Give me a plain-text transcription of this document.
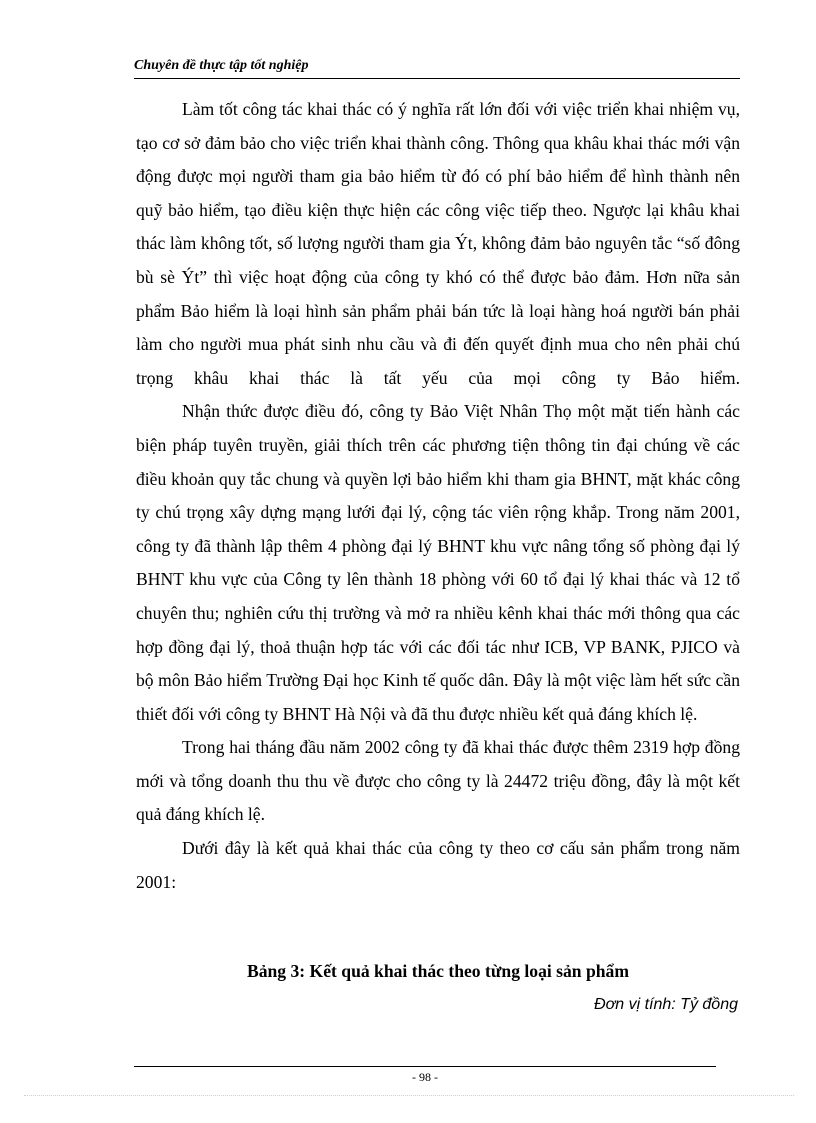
Chuyên đề thực tập tốt nghiệp

Làm tốt công tác khai thác có ý nghĩa rất lớn đối với việc triển khai nhiệm vụ, tạo cơ sở đảm bảo cho việc triển khai thành công. Thông qua khâu khai thác mới vận động được mọi người tham gia bảo hiểm từ đó có phí bảo hiểm để hình thành nên quỹ bảo hiểm, tạo điều kiện thực hiện các công việc tiếp theo. Ngược lại khâu khai thác làm không tốt, số lượng người tham gia Ýt, không đảm bảo nguyên tắc “số đông bù sè Ýt” thì việc hoạt động của công ty khó có thể được bảo đảm. Hơn nữa sản phẩm Bảo hiểm là loại hình sản phẩm phải bán tức là loại hàng hoá người bán phải làm cho người mua phát sinh nhu cầu và đi đến quyết định mua cho nên phải chú trọng khâu khai thác là tất yếu của mọi công ty Bảo hiểm.

Nhận thức được điều đó, công ty Bảo Việt Nhân Thọ một mặt tiến hành các biện pháp tuyên truyền, giải thích trên các phương tiện thông tin đại chúng về các điều khoản quy tắc chung và quyền lợi bảo hiểm khi tham gia BHNT, mặt khác công ty chú trọng xây dựng mạng lưới đại lý, cộng tác viên rộng khắp. Trong năm 2001, công ty đã thành lập thêm 4 phòng đại lý BHNT khu vực nâng tổng số phòng đại lý BHNT khu vực của Công ty lên thành 18 phòng với 60 tổ đại lý khai thác và 12 tổ chuyên thu; nghiên cứu thị trường và mở ra nhiều kênh khai thác mới thông qua các hợp đồng đại lý, thoả thuận hợp tác với các đối tác như ICB, VP BANK, PJICO và bộ môn Bảo hiểm Trường Đại học Kinh tế quốc dân. Đây là một việc làm hết sức cần thiết đối với công ty BHNT Hà Nội và đã thu được nhiều kết quả đáng khích lệ.

Trong hai tháng đầu năm 2002 công ty đã khai thác được thêm 2319 hợp đồng mới và tổng doanh thu thu về được cho công ty là 24472 triệu đồng, đây là một kết quả đáng khích lệ.

Dưới đây là kết quả khai thác của công ty theo cơ cấu sản phẩm trong năm 2001:

Bảng 3: Kết quả khai thác theo từng loại sản phẩm
Đơn vị tính: Tỷ đồng
- 98 -
